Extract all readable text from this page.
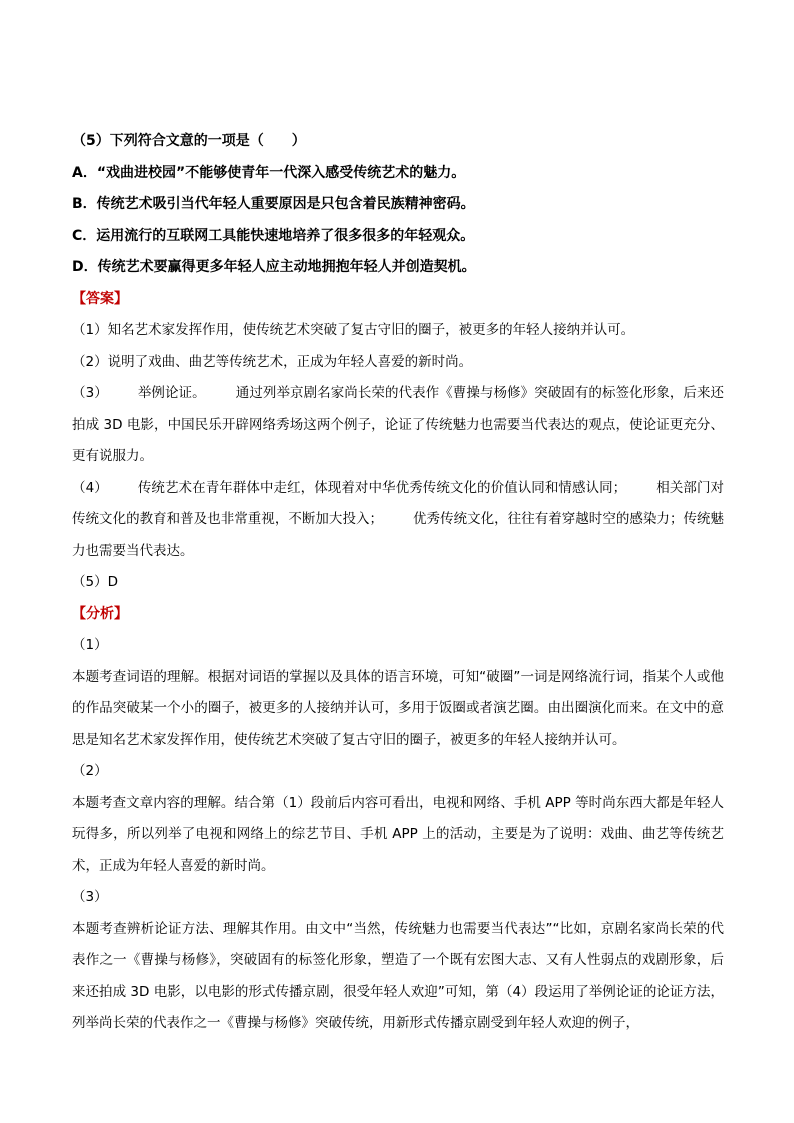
（5）下列符合文意的一项是（　　）
A．“戏曲进校园”不能够使青年一代深入感受传统艺术的魅力。
B．传统艺术吸引当代年轻人重要原因是只包含着民族精神密码。
C．运用流行的互联网工具能快速地培养了很多很多的年轻观众。
D．传统艺术要赢得更多年轻人应主动地拥抱年轻人并创造契机。
【答案】
（1）知名艺术家发挥作用，使传统艺术突破了复古守旧的圈子，被更多的年轻人接纳并认可。
（2）说明了戏曲、曲艺等传统艺术，正成为年轻人喜爱的新时尚。
（3） 举例论证。 通过列举京剧名家尚长荣的代表作《曹操与杨修》突破固有的标签化形象，后来还拍成 3D 电影，中国民乐开辟网络秀场这两个例子，论证了传统魅力也需要当代表达的观点，使论证更充分、更有说服力。
（4） 传统艺术在青年群体中走红，体现着对中华优秀传统文化的价值认同和情感认同； 相关部门对传统文化的教育和普及也非常重视，不断加大投入； 优秀传统文化，往往有着穿越时空的感染力；传统魅力也需要当代表达。
（5）D
【分析】
（1）
本题考查词语的理解。根据对词语的掌握以及具体的语言环境，可知“破圈”一词是网络流行词，指某个人或他的作品突破某一个小的圈子，被更多的人接纳并认可，多用于饭圈或者演艺圈。由出圈演化而来。在文中的意思是知名艺术家发挥作用，使传统艺术突破了复古守旧的圈子，被更多的年轻人接纳并认可。
（2）
本题考查文章内容的理解。结合第（1）段前后内容可看出，电视和网络、手机 APP 等时尚东西大都是年轻人玩得多，所以列举了电视和网络上的综艺节目、手机 APP 上的活动，主要是为了说明：戏曲、曲艺等传统艺术，正成为年轻人喜爱的新时尚。
（3）
本题考查辨析论证方法、理解其作用。由文中“当然，传统魅力也需要当代表达”“比如，京剧名家尚长荣的代表作之一《曹操与杨修》，突破固有的标签化形象，塑造了一个既有宏图大志、又有人性弱点的戏剧形象，后来还拍成 3D 电影，以电影的形式传播京剧，很受年轻人欢迎”可知，第（4）段运用了举例论证的论证方法，列举尚长荣的代表作之一《曹操与杨修》突破传统，用新形式传播京剧受到年轻人欢迎的例子，
